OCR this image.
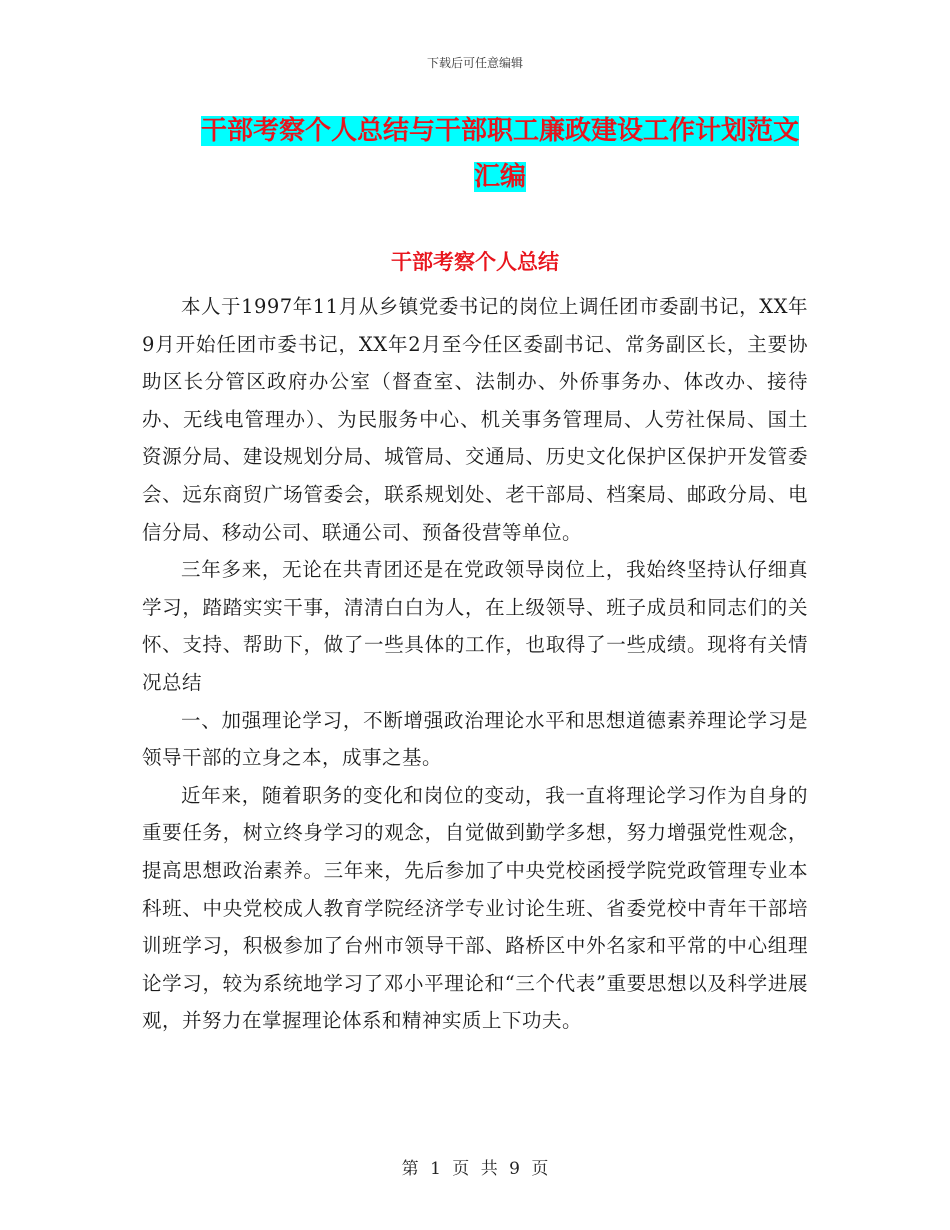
下载后可任意编辑
干部考察个人总结与干部职工廉政建设工作计划范文
汇编
干部考察个人总结

本人于1997年11月从乡镇党委书记的岗位上调任团市委副书记，XX年9月开始任团市委书记，XX年2月至今任区委副书记、常务副区长，主要协助区长分管区政府办公室（督查室、法制办、外侨事务办、体改办、接待办、无线电管理办）、为民服务中心、机关事务管理局、人劳社保局、国土资源分局、建设规划分局、城管局、交通局、历史文化保护区保护开发管委会、远东商贸广场管委会，联系规划处、老干部局、档案局、邮政分局、电信分局、移动公司、联通公司、预备役营等单位。

三年多来，无论在共青团还是在党政领导岗位上，我始终坚持认仔细真学习，踏踏实实干事，清清白白为人，在上级领导、班子成员和同志们的关怀、支持、帮助下，做了一些具体的工作，也取得了一些成绩。现将有关情况总结

一、加强理论学习，不断增强政治理论水平和思想道德素养理论学习是领导干部的立身之本，成事之基。

近年来，随着职务的变化和岗位的变动，我一直将理论学习作为自身的重要任务，树立终身学习的观念，自觉做到勤学多想，努力增强党性观念，提高思想政治素养。三年来，先后参加了中央党校函授学院党政管理专业本科班、中央党校成人教育学院经济学专业讨论生班、省委党校中青年干部培训班学习，积极参加了台州市领导干部、路桥区中外名家和平常的中心组理论学习，较为系统地学习了邓小平理论和“三个代表”重要思想以及科学进展观，并努力在掌握理论体系和精神实质上下功夫。

第 1 页 共 9 页
